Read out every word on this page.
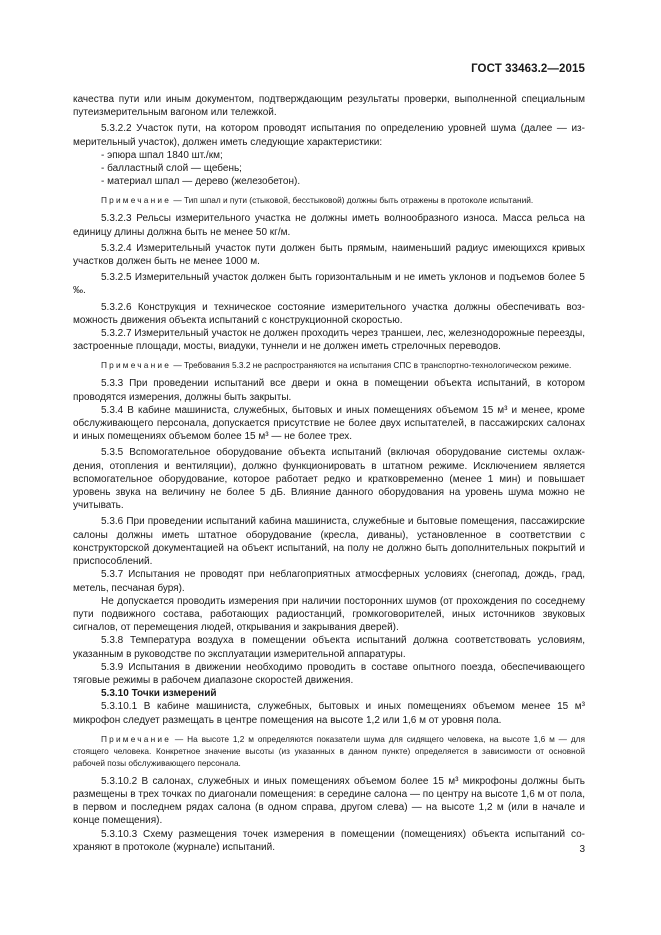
ГОСТ 33463.2—2015

качества пути или иным документом, подтверждающим результаты проверки, выполненной специальным путеизмерительным вагоном или тележкой.

5.3.2.2 Участок пути, на котором проводят испытания по определению уровней шума (далее — измерительный участок), должен иметь следующие характеристики:

- эпюра шпал 1840 шт./км;

- балластный слой — щебень;

- материал шпал — дерево (железобетон).

Примечание — Тип шпал и пути (стыковой, бесстыковой) должны быть отражены в протоколе испытаний.

5.3.2.3 Рельсы измерительного участка не должны иметь волнообразного износа. Масса рельса на единицу длины должна быть не менее 50 кг/м.

5.3.2.4 Измерительный участок пути должен быть прямым, наименьший радиус имеющихся кривых участков должен быть не менее 1000 м.

5.3.2.5 Измерительный участок должен быть горизонтальным и не иметь уклонов и подъемов более 5 ‰.

5.3.2.6 Конструкция и техническое состояние измерительного участка должны обеспечивать возможность движения объекта испытаний с конструкционной скоростью.

5.3.2.7 Измерительный участок не должен проходить через траншеи, лес, железнодорожные переезды, застроенные площади, мосты, виадуки, туннели и не должен иметь стрелочных переводов.

Примечание — Требования 5.3.2 не распространяются на испытания СПС в транспортно-технологическом режиме.

5.3.3 При проведении испытаний все двери и окна в помещении объекта испытаний, в котором проводятся измерения, должны быть закрыты.

5.3.4 В кабине машиниста, служебных, бытовых и иных помещениях объемом 15 м³ и менее, кроме обслуживающего персонала, допускается присутствие не более двух испытателей, в пассажирских салонах и иных помещениях объемом более 15 м³ — не более трех.

5.3.5 Вспомогательное оборудование объекта испытаний (включая оборудование системы охлаждения, отопления и вентиляции), должно функционировать в штатном режиме. Исключением является вспомогательное оборудование, которое работает редко и кратковременно (менее 1 мин) и повышает уровень звука на величину не более 5 дБ. Влияние данного оборудования на уровень шума можно не учитывать.

5.3.6 При проведении испытаний кабина машиниста, служебные и бытовые помещения, пассажирские салоны должны иметь штатное оборудование (кресла, диваны), установленное в соответствии с конструкторской документацией на объект испытаний, на полу не должно быть дополнительных покрытий и приспособлений.

5.3.7 Испытания не проводят при неблагоприятных атмосферных условиях (снегопад, дождь, град, метель, песчаная буря).

Не допускается проводить измерения при наличии посторонних шумов (от прохождения по соседнему пути подвижного состава, работающих радиостанций, громкоговорителей, иных источников звуковых сигналов, от перемещения людей, открывания и закрывания дверей).

5.3.8 Температура воздуха в помещении объекта испытаний должна соответствовать условиям, указанным в руководстве по эксплуатации измерительной аппаратуры.

5.3.9 Испытания в движении необходимо проводить в составе опытного поезда, обеспечивающего тяговые режимы в рабочем диапазоне скоростей движения.

5.3.10 Точки измерений

5.3.10.1 В кабине машиниста, служебных, бытовых и иных помещениях объемом менее 15 м³ микрофон следует размещать в центре помещения на высоте 1,2 или 1,6 м от уровня пола.

Примечание — На высоте 1,2 м определяются показатели шума для сидящего человека, на высоте 1,6 м — для стоящего человека. Конкретное значение высоты (из указанных в данном пункте) определяется в зависимости от основной рабочей позы обслуживающего персонала.

5.3.10.2 В салонах, служебных и иных помещениях объемом более 15 м³ микрофоны должны быть размещены в трех точках по диагонали помещения: в середине салона — по центру на высоте 1,6 м от пола, в первом и последнем рядах салона (в одном справа, другом слева) — на высоте 1,2 м (или в начале и конце помещения).

5.3.10.3 Схему размещения точек измерения в помещении (помещениях) объекта испытаний сохраняют в протоколе (журнале) испытаний.	3
